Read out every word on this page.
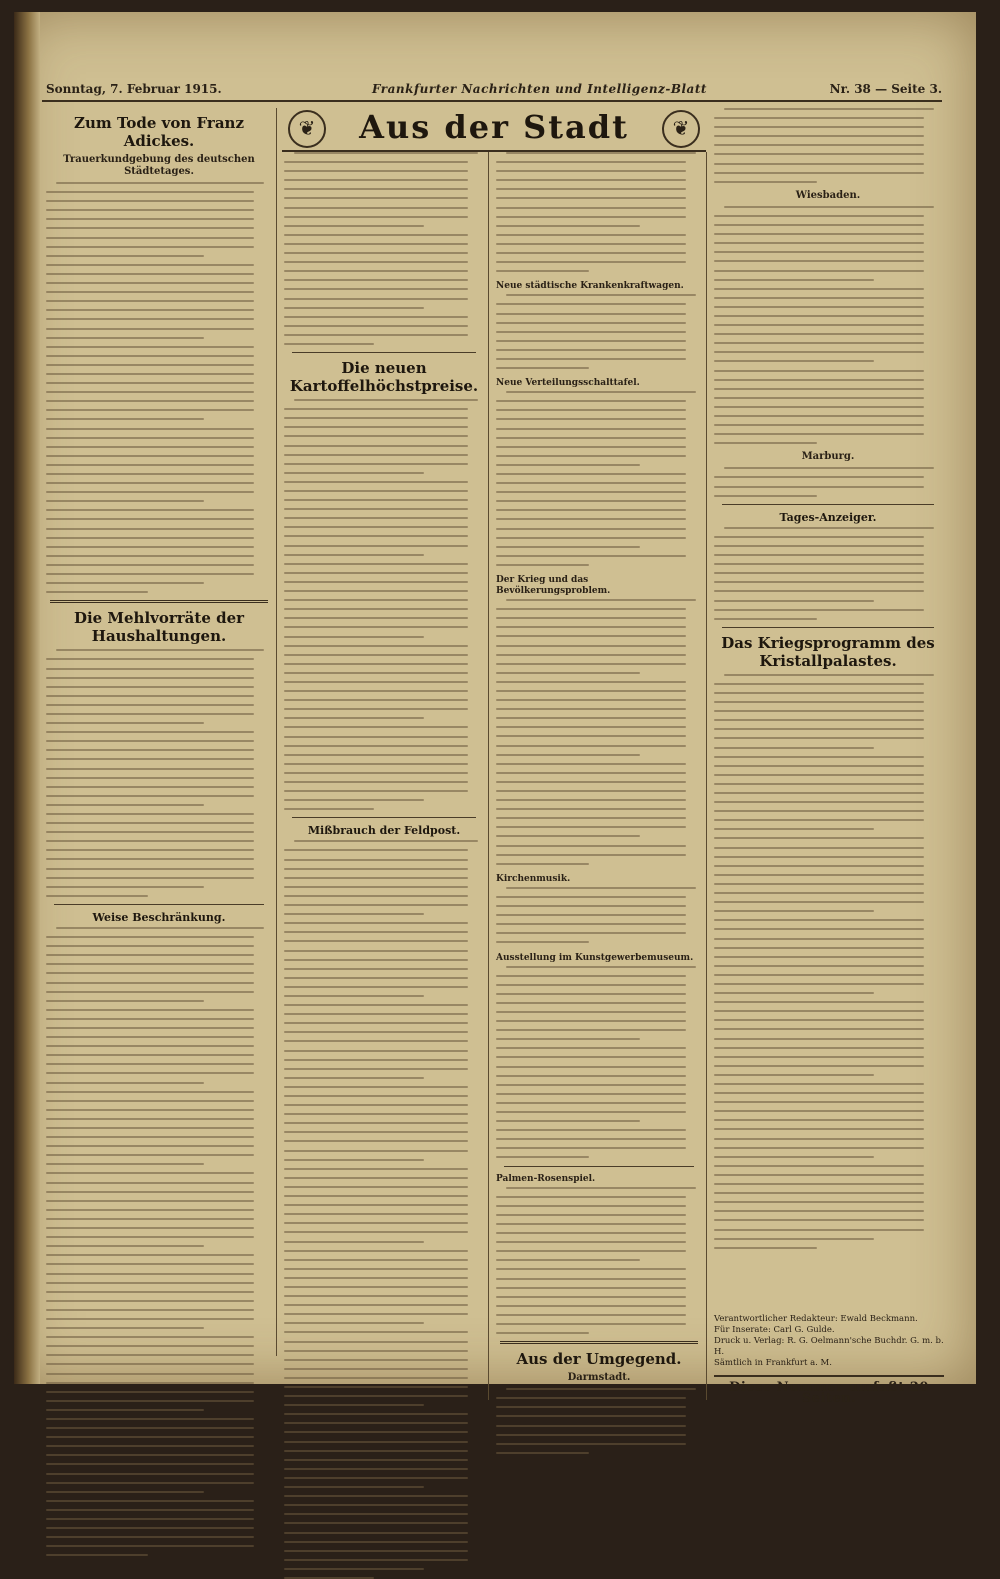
Sonntag, 7. Februar 1915.	Frankfurter Nachrichten und Intelligenz-Blatt	Nr. 38 — Seite 3.
❦	Aus der Stadt	❦
Zum Tode von Franz Adickes.
Trauerkundgebung des deutschen Städtetages.
Die Mehlvorräte der Haushaltungen.
Weise Beschränkung.
Die neuen Kartoffelhöchstpreise.
Mißbrauch der Feldpost.
Neue städtische Krankenkraftwagen.
Neue Verteilungsschalttafel.
Der Krieg und das Bevölkerungsproblem.
Kirchenmusik.
Ausstellung im Kunstgewerbemuseum.
Palmen-Rosenspiel.
Aus der Umgegend.
Darmstadt.
Wiesbaden.
Marburg.
Tages-Anzeiger.
Das Kriegsprogramm des Kristallpalastes.
Verantwortlicher Redakteur: Ewald Beckmann.
Für Inserate: Carl G. Gulde.
Druck u. Verlag: R. G. Oelmann'sche Buchdr. G. m. b. H.
Sämtlich in Frankfurt a. M.
Diese Nummer umfaßt 20 Seiten.
